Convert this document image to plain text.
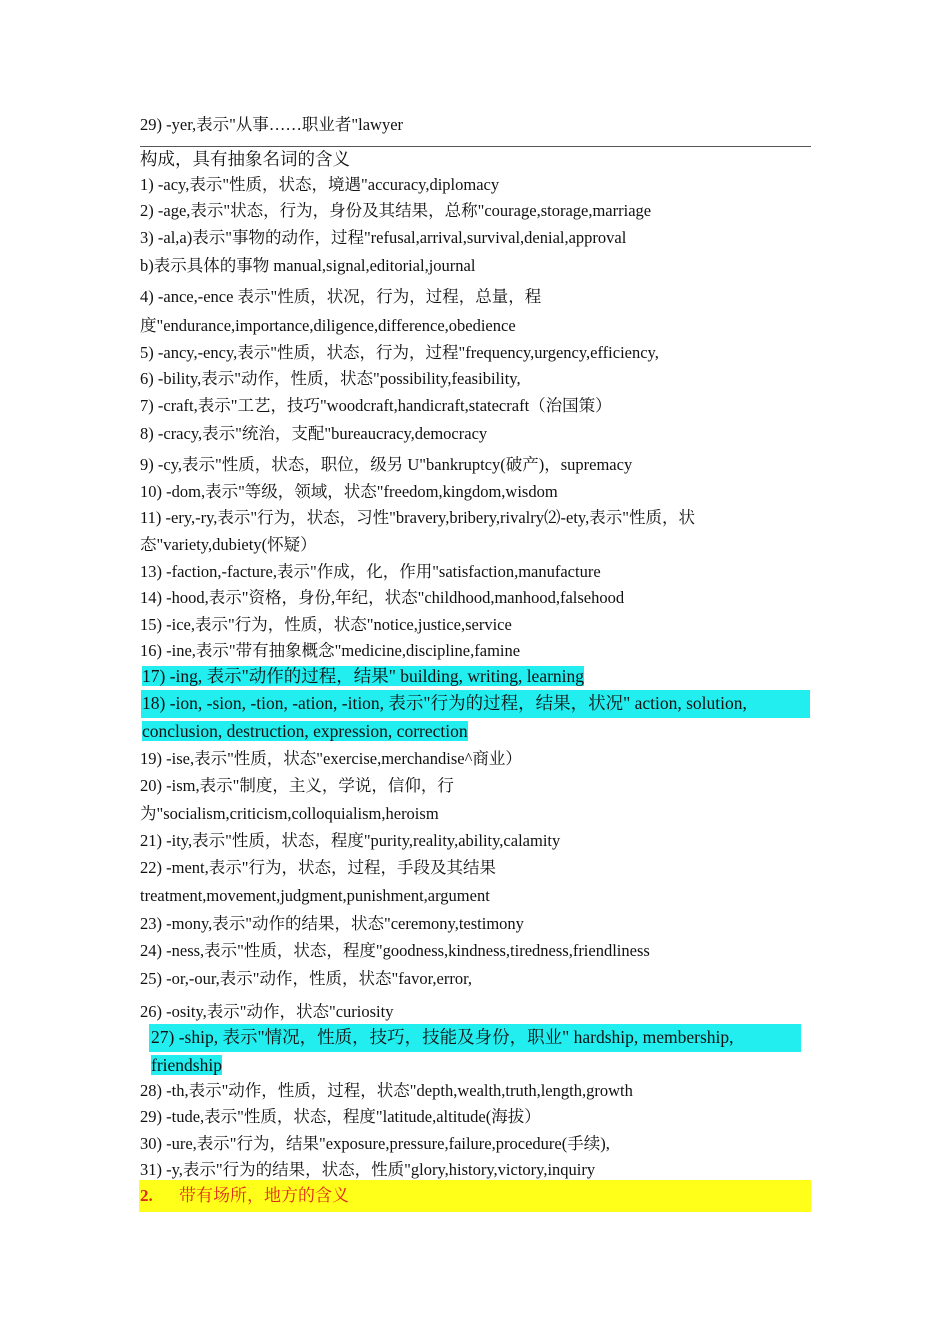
29) -yer,表示"从事……职业者"lawyer
构成，具有抽象名词的含义
1) -acy,表示"性质，状态，境遇"accuracy,diplomacy
2) -age,表示"状态，行为，身份及其结果，总称"courage,storage,marriage
3) -al,a)表示"事物的动作，过程"refusal,arrival,survival,denial,approval
b)表示具体的事物 manual,signal,editorial,journal
4) -ance,-ence 表示"性质，状况，行为，过程，总量，程
度"endurance,importance,diligence,difference,obedience
5) -ancy,-ency,表示"性质，状态，行为，过程"frequency,urgency,efficiency,
6) -bility,表示"动作，性质，状态"possibility,feasibility,
7) -craft,表示"工艺，技巧"woodcraft,handicraft,statecraft（治国策）
8) -cracy,表示"统治，支配"bureaucracy,democracy
9) -cy,表示"性质，状态，职位，级另 U"bankruptcy(破产)，supremacy
10) -dom,表示"等级，领域，状态"freedom,kingdom,wisdom
11) -ery,-ry,表示"行为，状态，习性"bravery,bribery,rivalry⑵-ety,表示"性质，状
态"variety,dubiety(怀疑）
13) -faction,-facture,表示"作成，化，作用"satisfaction,manufacture
14) -hood,表示"资格，身份,年纪，状态"childhood,manhood,falsehood
15) -ice,表示"行为，性质，状态"notice,justice,service
16) -ine,表示"带有抽象概念"medicine,discipline,famine
17) -ing, 表示"动作的过程，结果" building, writing, learning
18) -ion, -sion, -tion, -ation, -ition, 表示"行为的过程，结果，状况" action, solution,
conclusion, destruction, expression, correction
19) -ise,表示"性质，状态"exercise,merchandise^商业）
20) -ism,表示"制度，主义，学说，信仰，行
为"socialism,criticism,colloquialism,heroism
21) -ity,表示"性质，状态，程度"purity,reality,ability,calamity
22) -ment,表示"行为，状态，过程，手段及其结果
treatment,movement,judgment,punishment,argument
23) -mony,表示"动作的结果，状态"ceremony,testimony
24) -ness,表示"性质，状态，程度"goodness,kindness,tiredness,friendliness
25) -or,-our,表示"动作，性质，状态"favor,error,
26) -osity,表示"动作，状态"curiosity
27) -ship, 表示"情况，性质，技巧，技能及身份，职业" hardship, membership,
friendship
28) -th,表示"动作，性质，过程，状态"depth,wealth,truth,length,growth
29) -tude,表示"性质，状态，程度"latitude,altitude(海拔）
30) -ure,表示"行为，结果"exposure,pressure,failure,procedure(手续),
31) -y,表示"行为的结果，状态，性质"glory,history,victory,inquiry
2. 带有场所，地方的含义
